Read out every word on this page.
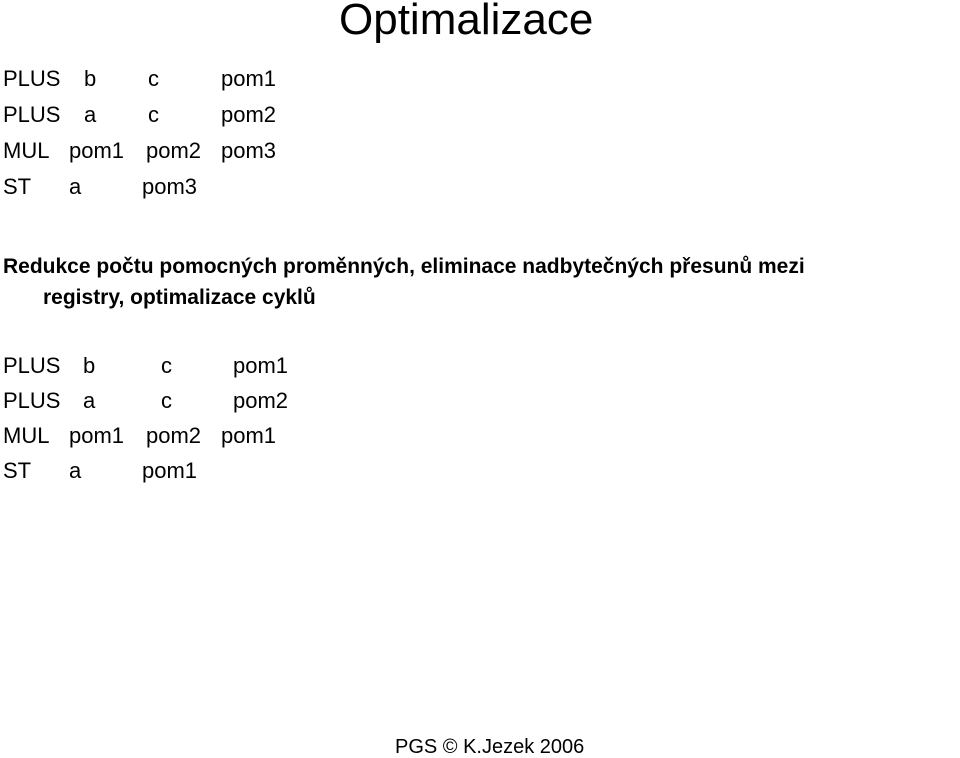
Optimalizace
PLUS b c	pom1
PLUS a c	pom2
MUL pom1 pom2 pom3
ST a	pom3
Redukce počtu pomocných proměnných, eliminace nadbytečných přesunů mezi
registry, optimalizace cyklů
PLUS b	c	pom1
PLUS a	c	pom2
MUL pom1 pom2 pom1
ST a	pom1
PGS © K.Jezek 2006
